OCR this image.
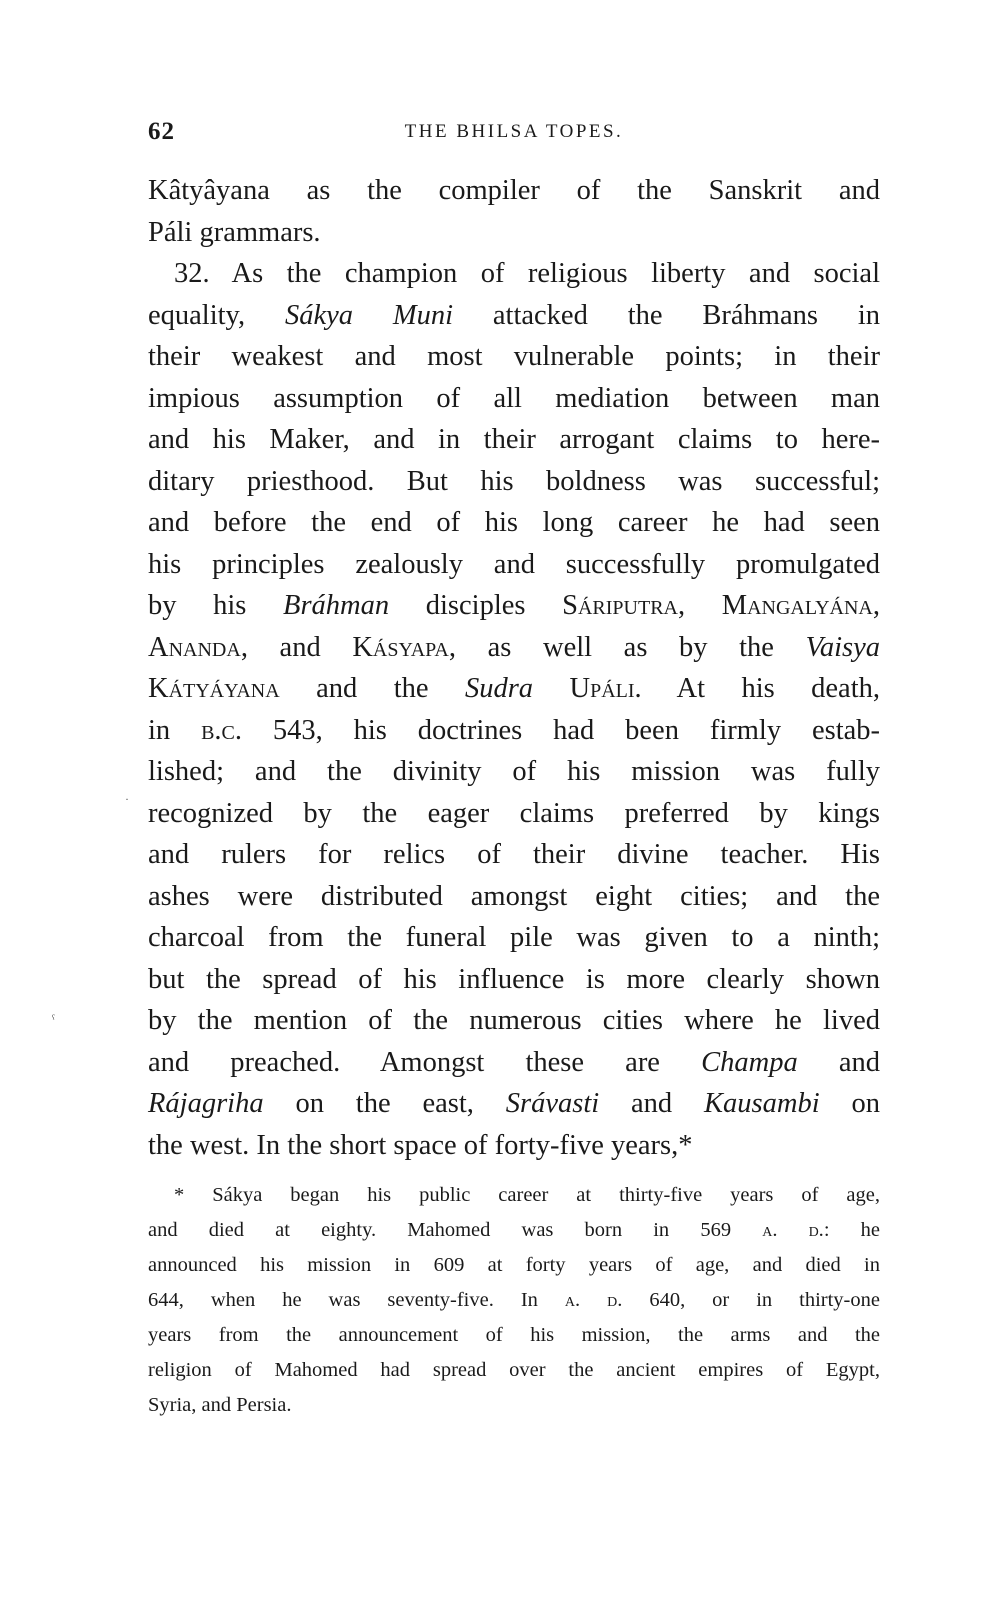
62	THE BHILSA TOPES.
Kâtyâyana as the compiler of the Sanskrit and
Páli grammars.
32. As the champion of religious liberty and social
equality, Sákya Muni attacked the Bráhmans in
their weakest and most vulnerable points; in their
impious assumption of all mediation between man
and his Maker, and in their arrogant claims to here-
ditary priesthood. But his boldness was successful;
and before the end of his long career he had seen
his principles zealously and successfully promulgated
by his Bráhman disciples Sáriputra, Mangalyána,
Ananda, and Kásyapa, as well as by the Vaisya
Kátyáyana and the Sudra Upáli. At his death,
in b.c. 543, his doctrines had been firmly estab-
lished; and the divinity of his mission was fully
recognized by the eager claims preferred by kings
and rulers for relics of their divine teacher. His
ashes were distributed amongst eight cities; and the
charcoal from the funeral pile was given to a ninth;
but the spread of his influence is more clearly shown
by the mention of the numerous cities where he lived
and preached. Amongst these are Champa and
Rájagriha on the east, Srávasti and Kausambi on
the west. In the short space of forty-five years,*
* Sákya began his public career at thirty-five years of age,
and died at eighty. Mahomed was born in 569 a. d.: he
announced his mission in 609 at forty years of age, and died in
644, when he was seventy-five. In a. d. 640, or in thirty-one
years from the announcement of his mission, the arms and the
religion of Mahomed had spread over the ancient empires of Egypt,
Syria, and Persia.
·
ˤ
